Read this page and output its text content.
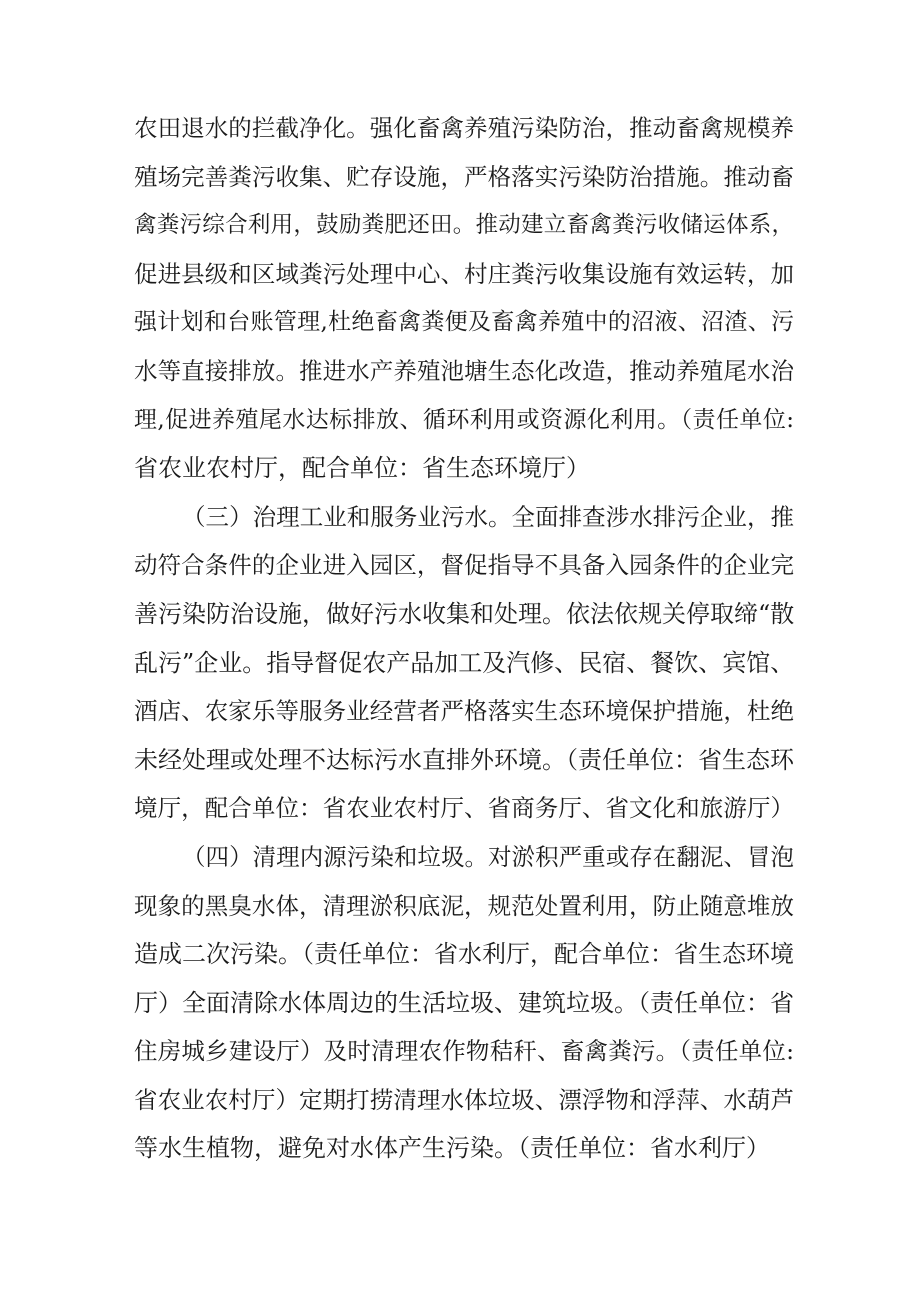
农田退水的拦截净化。强化畜禽养殖污染防治，推动畜禽规模养
殖场完善粪污收集、贮存设施，严格落实污染防治措施。推动畜
禽粪污综合利用，鼓励粪肥还田。推动建立畜禽粪污收储运体系，
促进县级和区域粪污处理中心、村庄粪污收集设施有效运转，加
强计划和台账管理,杜绝畜禽粪便及畜禽养殖中的沼液、沼渣、污
水等直接排放。推进水产养殖池塘生态化改造，推动养殖尾水治
理,促进养殖尾水达标排放、循环利用或资源化利用。（责任单位:
省农业农村厅，配合单位：省生态环境厅）
（三）治理工业和服务业污水。全面排查涉水排污企业，推
动符合条件的企业进入园区，督促指导不具备入园条件的企业完
善污染防治设施，做好污水收集和处理。依法依规关停取缔“散
乱污”企业。指导督促农产品加工及汽修、民宿、餐饮、宾馆、
酒店、农家乐等服务业经营者严格落实生态环境保护措施，杜绝
未经处理或处理不达标污水直排外环境。（责任单位：省生态环
境厅，配合单位：省农业农村厅、省商务厅、省文化和旅游厅）
（四）清理内源污染和垃圾。对淤积严重或存在翻泥、冒泡
现象的黑臭水体，清理淤积底泥，规范处置利用，防止随意堆放
造成二次污染。（责任单位：省水利厅，配合单位：省生态环境
厅）全面清除水体周边的生活垃圾、建筑垃圾。（责任单位：省
住房城乡建设厅）及时清理农作物秸秆、畜禽粪污。（责任单位:
省农业农村厅）定期打捞清理水体垃圾、漂浮物和浮萍、水葫芦
等水生植物，避免对水体产生污染。（责任单位：省水利厅）
